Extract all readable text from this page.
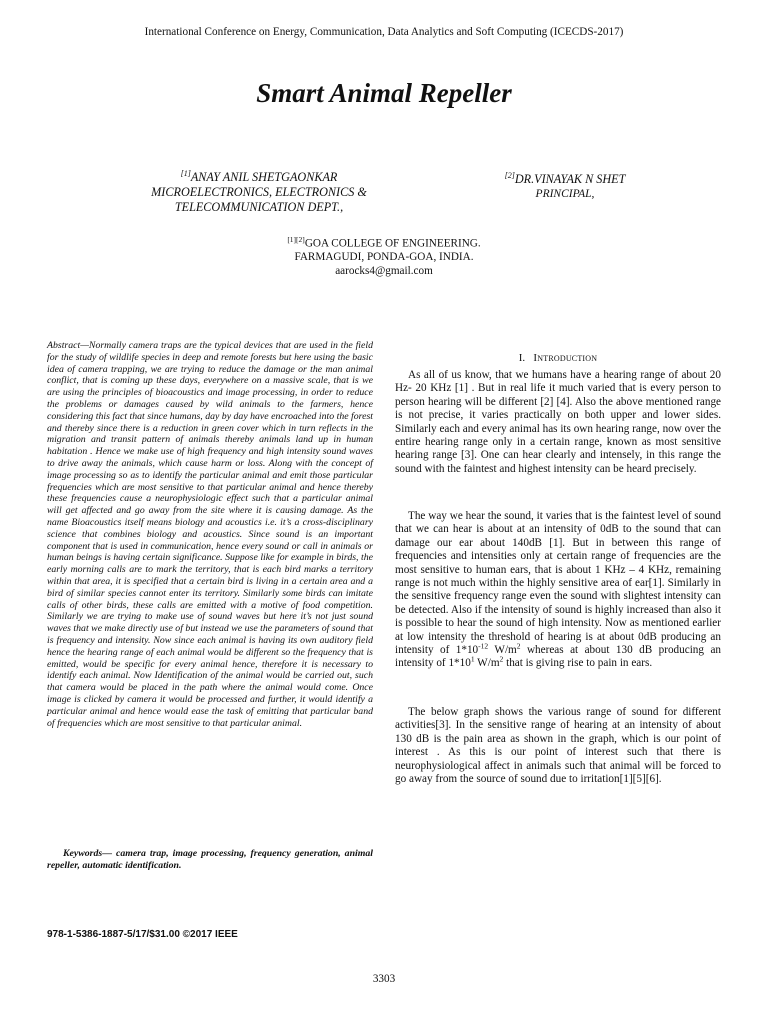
International Conference on Energy, Communication, Data Analytics and Soft Computing (ICECDS-2017)
Smart Animal Repeller
[1]ANAY ANIL SHETGAONKAR
MICROELECTRONICS, ELECTRONICS &
TELECOMMUNICATION DEPT.,
[2]DR.VINAYAK N SHET
PRINCIPAL,
[1][2]GOA COLLEGE OF ENGINEERING.
FARMAGUDI, PONDA-GOA, INDIA.
aarocks4@gmail.com

Abstract—Normally camera traps are the typical devices that are used in the field for the study of wildlife species in deep and remote forests but here using the basic idea of camera trapping, we are trying to reduce the damage or the man animal conflict, that is coming up these days, everywhere on a massive scale, that is we are using the principles of bioacoustics and image processing, in order to reduce the problems or damages caused by wild animals to the farmers, hence considering this fact that since humans, day by day have encroached into the forest and thereby since there is a reduction in green cover which in turn reflects in the migration and transit pattern of animals thereby animals land up in human habitation . Hence we make use of high frequency and high intensity sound waves to drive away the animals, which cause harm or loss. Along with the concept of image processing so as to identify the particular animal and emit those particular frequencies which are most sensitive to that particular animal and hence thereby these frequencies cause a neurophysiologic effect such that a particular animal will get affected and go away from the site where it is causing damage. As the name Bioacoustics itself means biology and acoustics i.e. it’s a cross-disciplinary science that combines biology and acoustics. Since sound is an important component that is used in communication, hence every sound or call in animals or human beings is having certain significance. Suppose like for example in birds, the early morning calls are to mark the territory, that is each bird marks a territory within that area, it is specified that a certain bird is living in a certain area and a bird of similar species cannot enter its territory. Similarly some birds can imitate calls of other birds, these calls are emitted with a motive of food competition. Similarly we are trying to make use of sound waves but here it’s not just sound waves that we make directly use of but instead we use the parameters of sound that is frequency and intensity. Now since each animal is having its own auditory field hence the hearing range of each animal would be different so the frequency that is emitted, would be specific for every animal hence, therefore it is necessary to identify each animal. Now Identification of the animal would be carried out, such that camera would be placed in the path where the animal would come. Once image is clicked by camera it would be processed and further, it would identify a particular animal and hence would ease the task of emitting that particular band of frequencies which are most sensitive to that particular animal.

Keywords— camera trap, image processing, frequency generation, animal repeller, automatic identification.

I. Introduction

As all of us know, that we humans have a hearing range of about 20 Hz- 20 KHz [1] . But in real life it much varied that is every person to person hearing will be different [2] [4]. Also the above mentioned range is not precise, it varies practically on both upper and lower sides. Similarly each and every animal has its own hearing range, now over the entire hearing range only in a certain range, known as most sensitive hearing range [3]. One can hear clearly and intensely, in this range the sound with the faintest and highest intensity can be heard precisely.

The way we hear the sound, it varies that is the faintest level of sound that we can hear is about at an intensity of 0dB to the sound that can damage our ear about 140dB [1]. But in between this range of frequencies and intensities only at certain range of frequencies are the most sensitive to human ears, that is about 1 KHz – 4 KHz, remaining range is not much within the highly sensitive area of ear[1]. Similarly in the sensitive frequency range even the sound with slightest intensity can be detected. Also if the intensity of sound is highly increased than also it is possible to hear the sound of high intensity. Now as mentioned earlier at low intensity the threshold of hearing is at about 0dB producing an intensity of $1*10^{-12}$ $W/m^2$ whereas at about 130 dB producing an intensity of $1*10^1$ $W/m^2$ that is giving rise to pain in ears.

The below graph shows the various range of sound for different activities[3]. In the sensitive range of hearing at an intensity of about 130 dB is the pain area as shown in the graph, which is our point of interest . As this is our point of interest such that there is neurophysiological affect in animals such that animal will be forced to go away from the source of sound due to irritation[1][5][6].

978-1-5386-1887-5/17/$31.00 ©2017 IEEE
3303
